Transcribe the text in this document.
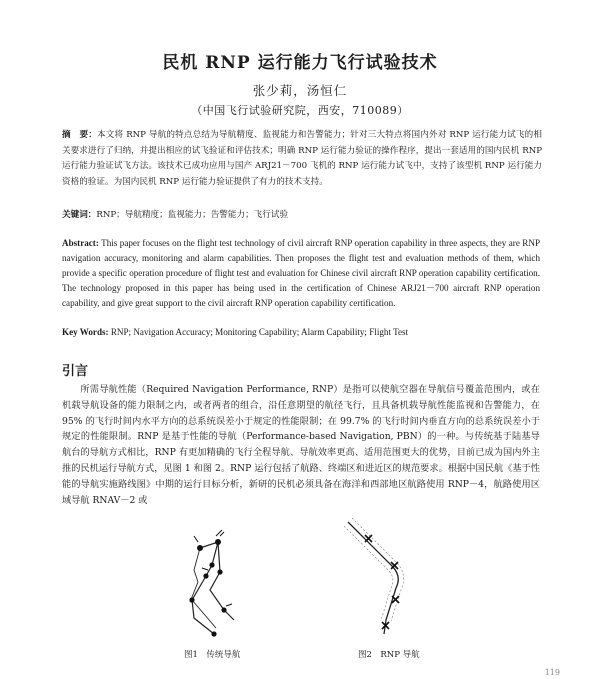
民机 RNP 运行能力飞行试验技术
张少莉，汤恒仁
（中国飞行试验研究院，西安，710089）
摘　要：本文将 RNP 导航的特点总结为导航精度、监视能力和告警能力；针对三大特点将国内外对 RNP 运行能力试飞的相关要求进行了归纳，并提出相应的试飞验证和评估技术；明确 RNP 运行能力验证的操作程序，提出一套适用的国内民机 RNP 运行能力验证试飞方法。该技术已成功应用与国产 ARJ21－700 飞机的 RNP 运行能力试飞中，支持了该型机 RNP 运行能力资格的验证。为国内民机 RNP 运行能力验证提供了有力的技术支持。
关键词：RNP；导航精度；监视能力；告警能力；飞行试验
Abstract: This paper focuses on the flight test technology of civil aircraft RNP operation capability in three aspects, they are RNP navigation accuracy, monitoring and alarm capabilities. Then proposes the flight test and evaluation methods of them, which provide a specific operation procedure of flight test and evaluation for Chinese civil aircraft RNP operation capability certification. The technology proposed in this paper has being used in the certification of Chinese ARJ21－700 aircraft RNP operation capability, and give great support to the civil aircraft RNP operation capability certification.
Key Words: RNP; Navigation Accuracy; Monitoring Capability; Alarm Capability; Flight Test
引言
所需导航性能（Required Navigation Performance, RNP）是指可以使航空器在导航信号覆盖范围内，或在机载导航设备的能力限制之内，或者两者的组合，沿任意期望的航径飞行，且具备机载导航性能监视和告警能力，在 95% 的飞行时间内水平方向的总系统误差小于规定的性能限制；在 99.7% 的飞行时间内垂直方向的总系统误差小于规定的性能限制。RNP 是基于性能的导航（Performance-based Navigation, PBN）的一种。与传统基于陆基导航台的导航方式相比，RNP 有更加精确的飞行全程导航、导航效率更高、适用范围更大的优势，目前已成为国内外主推的民机运行导航方式，见图 1 和图 2。RNP 运行包括了航路、终端区和进近区的规范要求。根据中国民航《基于性能的导航实施路线图》中期的运行目标分析，新研的民机必须具备在海洋和西部地区航路使用 RNP－4，航路使用区域导航 RNAV－2 或
图1　传统导航	图2　RNP 导航
119
